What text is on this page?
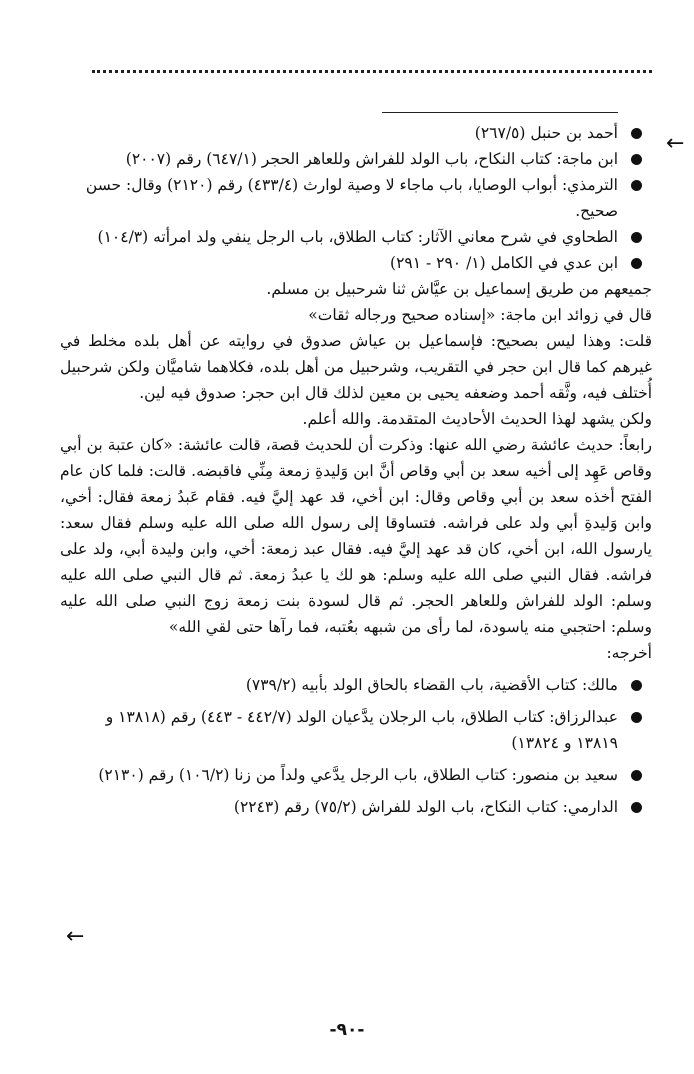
←
أحمد بن حنبل (٢٦٧/٥)
ابن ماجة: كتاب النكاح، باب الولد للفراش وللعاهر الحجر (٦٤٧/١) رقم (٢٠٠٧)
الترمذي: أبواب الوصايا، باب ماجاء لا وصية لوارث (٤٣٣/٤) رقم (٢١٢٠) وقال: حسن صحيح.
الطحاوي في شرح معاني الآثار: كتاب الطلاق، باب الرجل ينفي ولد امرأته (١٠٤/٣)
ابن عدي في الكامل (١/ ٢٩٠ - ٢٩١)

جميعهم من طريق إسماعيل بن عيَّاش ثنا شرحبيل بن مسلم.

قال في زوائد ابن ماجة: «إسناده صحيح ورجاله ثقات»

قلت: وهذا ليس بصحيح: فإسماعيل بن عياش صدوق في روايته عن أهل بلده مخلط في غيرهم كما قال ابن حجر في التقريب، وشرحبيل من أهل بلده، فكلاهما شاميَّان ولكن شرحبيل أُختلف فيه، وثَّقه أحمد وضعفه يحيى بن معين لذلك قال ابن حجر: صدوق فيه لين.

ولكن يشهد لهذا الحديث الأحاديث المتقدمة. والله أعلم.

رابعاً: حديث عائشة رضي الله عنها: وذكرت أن للحديث قصة، قالت عائشة: «كان عتبة بن أبي وقاص عَهِد إلى أخيه سعد بن أبي وقاص أنَّ ابن وَليدةِ زمعة مِنِّي فاقبضه. قالت: فلما كان عام الفتح أخذه سعد بن أبي وقاص وقال: ابن أخي، قد عهد إليَّ فيه. فقام عَبدُ زمعة فقال: أخي، وابن وَليدةِ أبي ولد على فراشه. فتساوقا إلى رسول الله صلى الله عليه وسلم فقال سعد: يارسول الله، ابن أخي، كان قد عهد إليَّ فيه. فقال عبد زمعة: أخي، وابن وليدة أبي، ولد على فراشه. فقال النبي صلى الله عليه وسلم: هو لك يا عبدُ زمعة. ثم قال النبي صلى الله عليه وسلم: الولد للفراش وللعاهر الحجر. ثم قال لسودة بنت زمعة زوج النبي صلى الله عليه وسلم: احتجبي منه ياسودة، لما رأى من شبهه بعُتبه، فما رآها حتى لقي الله»

أخرجه:

مالك: كتاب الأقضية، باب القضاء بالحاق الولد بأبيه (٧٣٩/٢)
عبدالرزاق: كتاب الطلاق، باب الرجلان يدَّعيان الولد (٤٤٢/٧ - ٤٤٣) رقم (١٣٨١٨ و ١٣٨١٩ و ١٣٨٢٤)
سعيد بن منصور: كتاب الطلاق، باب الرجل يدَّعي ولداً من زنا (١٠٦/٢) رقم (٢١٣٠)
الدارمي: كتاب النكاح، باب الولد للفراش (٧٥/٢) رقم (٢٢٤٣)
←
-٩٠-
